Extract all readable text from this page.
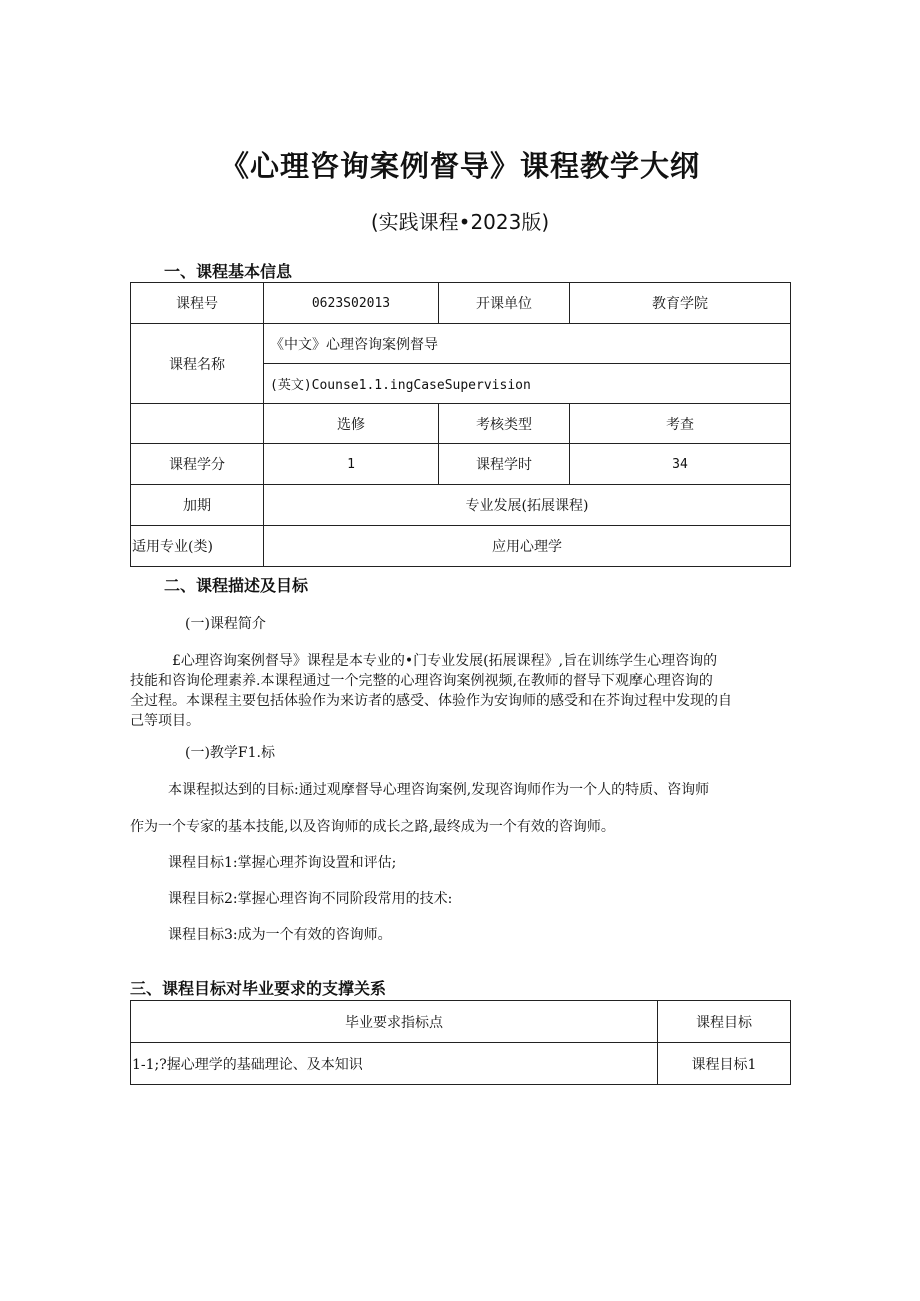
《心理咨询案例督导》课程教学大纲
(实践课程•2023版)
一、课程基本信息
课程号	0623S02013	开课单位	教育学院
课程名称	《中文》心理咨询案例督导		
	(英文)Counse1.1.ingCaseSupervision		
	选修	考核类型	考查
课程学分	1	课程学时	34
加期	专业发展(拓展课程)		
适用专业(类)	应用心理学		
二、课程描述及目标
(一)课程简介
£心理咨询案例督导》课程是本专业的•门专业发展(拓展课程》,旨在训练学生心理咨询的
技能和咨询伦理素养.本课程通过一个完整的心理咨询案例视频,在教师的督导下观摩心理咨询的
全过程。本课程主要包括体验作为来访者的感受、体验作为安询师的感受和在芥询过程中发现的自
己等项目。
(一)教学F1.标
本课程拟达到的目标:通过观摩督导心理咨询案例,发现咨询师作为一个人的特质、咨询师
作为一个专家的基本技能,以及咨询师的成长之路,最终成为一个有效的咨询师。
课程目标1:掌握心理芥询设置和评估;
课程目标2:掌握心理咨询不同阶段常用的技术:
课程目标3:成为一个有效的咨询师。
三、课程目标对毕业要求的支撑关系
毕业要求指标点	课程目标
1-1;?握心理学的基础理论、及本知识	课程目标1
